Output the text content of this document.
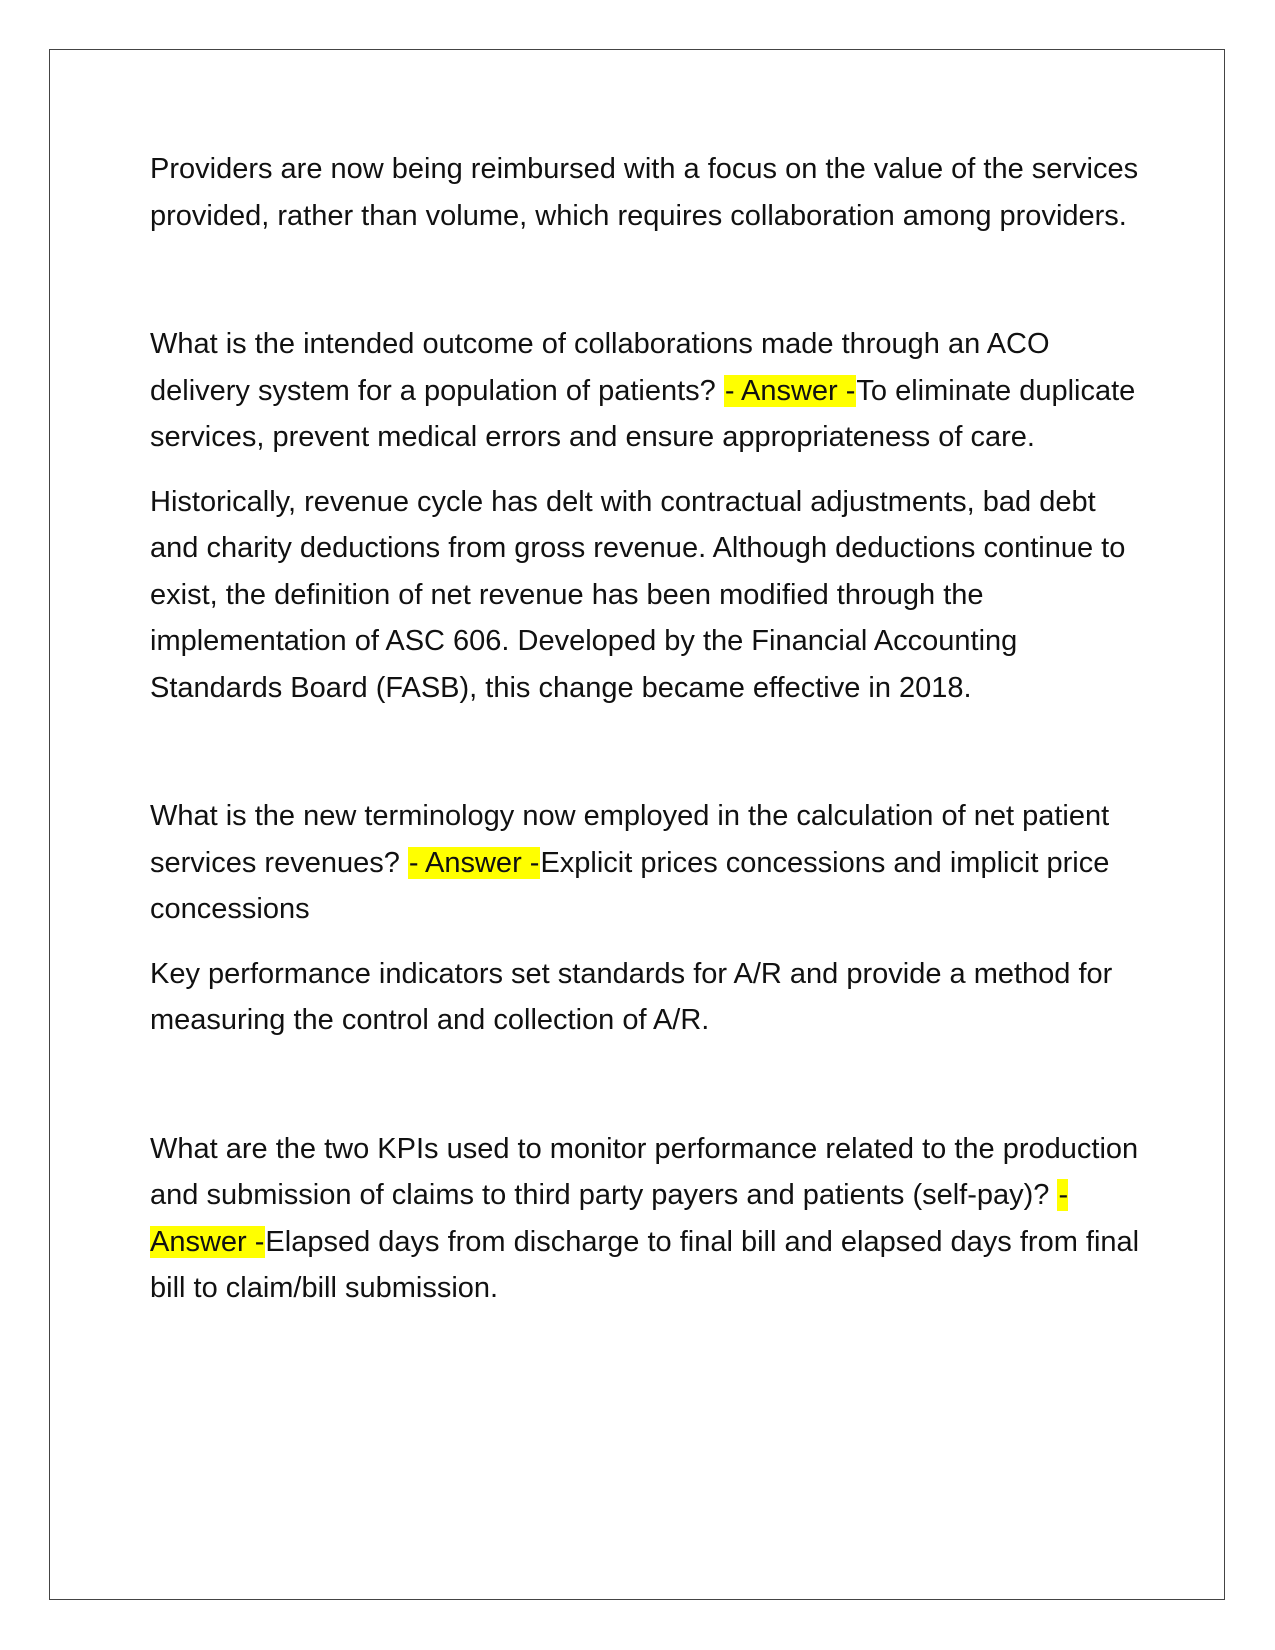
Providers are now being reimbursed with a focus on the value of the services provided, rather than volume, which requires collaboration among providers.

What is the intended outcome of collaborations made through an ACO delivery system for a population of patients? - Answer -To eliminate duplicate services, prevent medical errors and ensure appropriateness of care.

Historically, revenue cycle has delt with contractual adjustments, bad debt and charity deductions from gross revenue. Although deductions continue to exist, the definition of net revenue has been modified through the implementation of ASC 606. Developed by the Financial Accounting Standards Board (FASB), this change became effective in 2018.

What is the new terminology now employed in the calculation of net patient services revenues? - Answer -Explicit prices concessions and implicit price concessions

Key performance indicators set standards for A/R and provide a method for measuring the control and collection of A/R.

What are the two KPIs used to monitor performance related to the production and submission of claims to third party payers and patients (self-pay)? - Answer -Elapsed days from discharge to final bill and elapsed days from final bill to claim/bill submission.
